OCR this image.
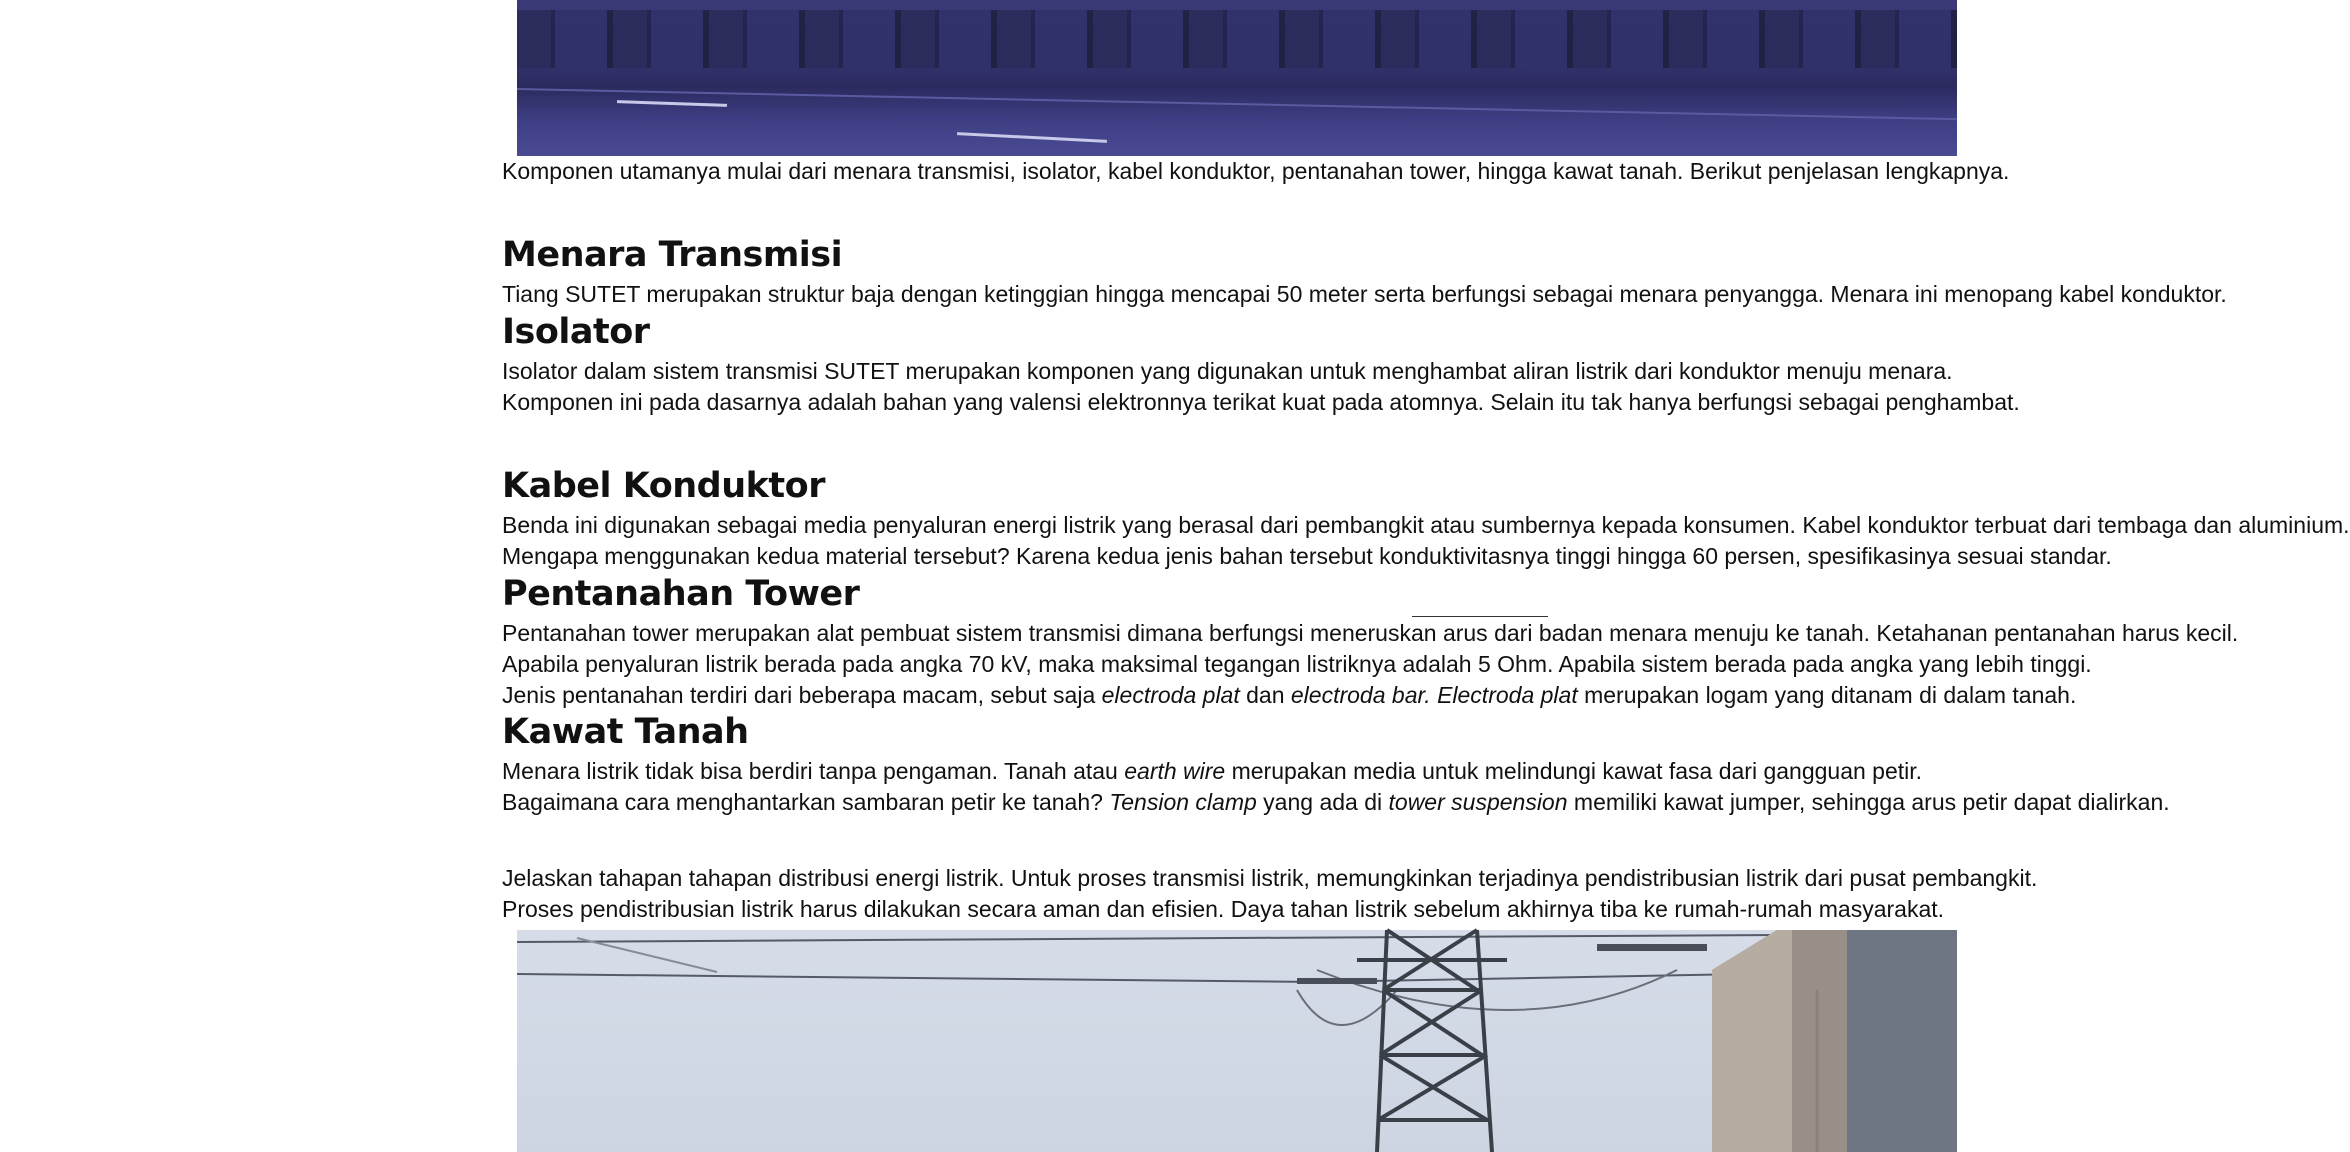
Komponen utamanya mulai dari menara transmisi, isolator, kabel konduktor, pentanahan tower, hingga kawat tanah. Berikut penjelasan lengkapnya.

Menara Transmisi

Tiang SUTET merupakan struktur baja dengan ketinggian hingga mencapai 50 meter serta berfungsi sebagai menara penyangga. Menara ini menopang kabel konduktor.

Isolator

Isolator dalam sistem transmisi SUTET merupakan komponen yang digunakan untuk menghambat aliran listrik dari konduktor menuju menara.

Komponen ini pada dasarnya adalah bahan yang valensi elektronnya terikat kuat pada atomnya. Selain itu tak hanya berfungsi sebagai penghambat.

Kabel Konduktor

Benda ini digunakan sebagai media penyaluran energi listrik yang berasal dari pembangkit atau sumbernya kepada konsumen. Kabel konduktor terbuat dari tembaga dan aluminium.

Mengapa menggunakan kedua material tersebut? Karena kedua jenis bahan tersebut konduktivitasnya tinggi hingga 60 persen, spesifikasinya sesuai standar.

Pentanahan Tower

Pentanahan tower merupakan alat pembuat sistem transmisi dimana berfungsi meneruskan arus dari badan menara menuju ke tanah. Ketahanan pentanahan harus kecil.

Apabila penyaluran listrik berada pada angka 70 kV, maka maksimal tegangan listriknya adalah 5 Ohm. Apabila sistem berada pada angka yang lebih tinggi.

Jenis pentanahan terdiri dari beberapa macam, sebut saja electroda plat dan electroda bar. Electroda plat merupakan logam yang ditanam di dalam tanah.

Kawat Tanah

Menara listrik tidak bisa berdiri tanpa pengaman. Tanah atau earth wire merupakan media untuk melindungi kawat fasa dari gangguan petir.

Bagaimana cara menghantarkan sambaran petir ke tanah? Tension clamp yang ada di tower suspension memiliki kawat jumper, sehingga arus petir dapat dialirkan.

Jelaskan tahapan tahapan distribusi energi listrik. Untuk proses transmisi listrik, memungkinkan terjadinya pendistribusian listrik dari pusat pembangkit.

Proses pendistribusian listrik harus dilakukan secara aman dan efisien. Daya tahan listrik sebelum akhirnya tiba ke rumah-rumah masyarakat.
